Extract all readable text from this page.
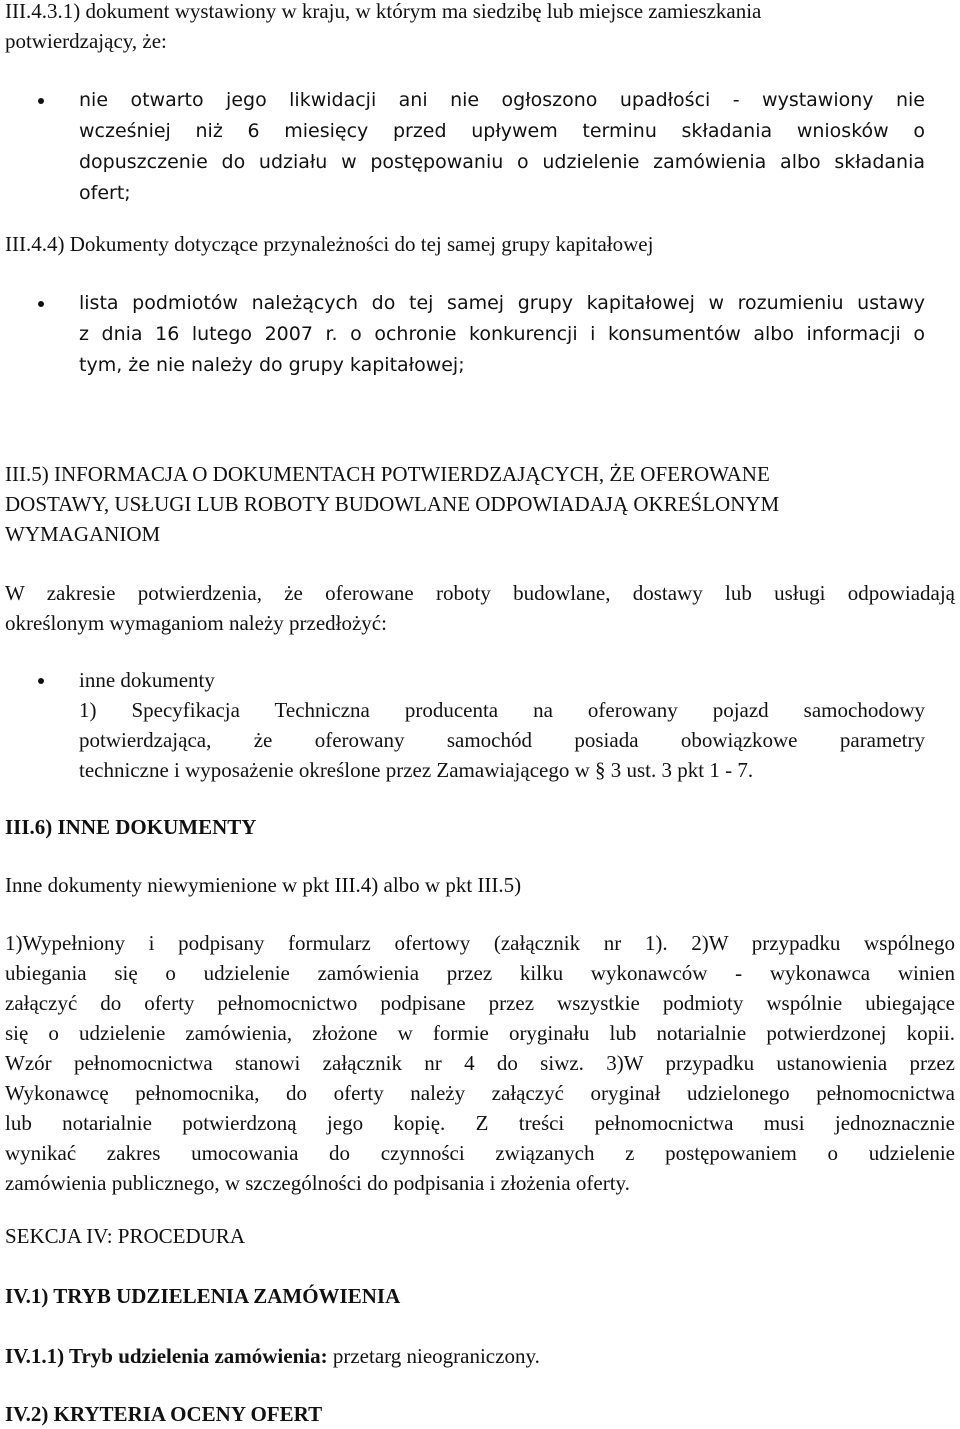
III.4.3.1) dokument wystawiony w kraju, w którym ma siedzibę lub miejsce zamieszkania
potwierdzający, że:
nie otwarto jego likwidacji ani nie ogłoszono upadłości - wystawiony nie
wcześniej niż 6 miesięcy przed upływem terminu składania wniosków o
dopuszczenie do udziału w postępowaniu o udzielenie zamówienia albo składania
ofert;
III.4.4) Dokumenty dotyczące przynależności do tej samej grupy kapitałowej
lista podmiotów należących do tej samej grupy kapitałowej w rozumieniu ustawy
z dnia 16 lutego 2007 r. o ochronie konkurencji i konsumentów albo informacji o
tym, że nie należy do grupy kapitałowej;
III.5) INFORMACJA O DOKUMENTACH POTWIERDZAJĄCYCH, ŻE OFEROWANE
DOSTAWY, USŁUGI LUB ROBOTY BUDOWLANE ODPOWIADAJĄ OKREŚLONYM
WYMAGANIOM
W zakresie potwierdzenia, że oferowane roboty budowlane, dostawy lub usługi odpowiadają
określonym wymaganiom należy przedłożyć:
inne dokumenty
1) Specyfikacja Techniczna producenta na oferowany pojazd samochodowy
potwierdzająca, że oferowany samochód posiada obowiązkowe parametry
techniczne i wyposażenie określone przez Zamawiającego w § 3 ust. 3 pkt 1 - 7.
III.6) INNE DOKUMENTY
Inne dokumenty niewymienione w pkt III.4) albo w pkt III.5)
1)Wypełniony i podpisany formularz ofertowy (załącznik nr 1). 2)W przypadku wspólnego
ubiegania się o udzielenie zamówienia przez kilku wykonawców - wykonawca winien
załączyć do oferty pełnomocnictwo podpisane przez wszystkie podmioty wspólnie ubiegające
się o udzielenie zamówienia, złożone w formie oryginału lub notarialnie potwierdzonej kopii.
Wzór pełnomocnictwa stanowi załącznik nr 4 do siwz. 3)W przypadku ustanowienia przez
Wykonawcę pełnomocnika, do oferty należy załączyć oryginał udzielonego pełnomocnictwa
lub notarialnie potwierdzoną jego kopię. Z treści pełnomocnictwa musi jednoznacznie
wynikać zakres umocowania do czynności związanych z postępowaniem o udzielenie
zamówienia publicznego, w szczególności do podpisania i złożenia oferty.
SEKCJA IV: PROCEDURA
IV.1) TRYB UDZIELENIA ZAMÓWIENIA
IV.1.1) Tryb udzielenia zamówienia: przetarg nieograniczony.
IV.2) KRYTERIA OCENY OFERT
